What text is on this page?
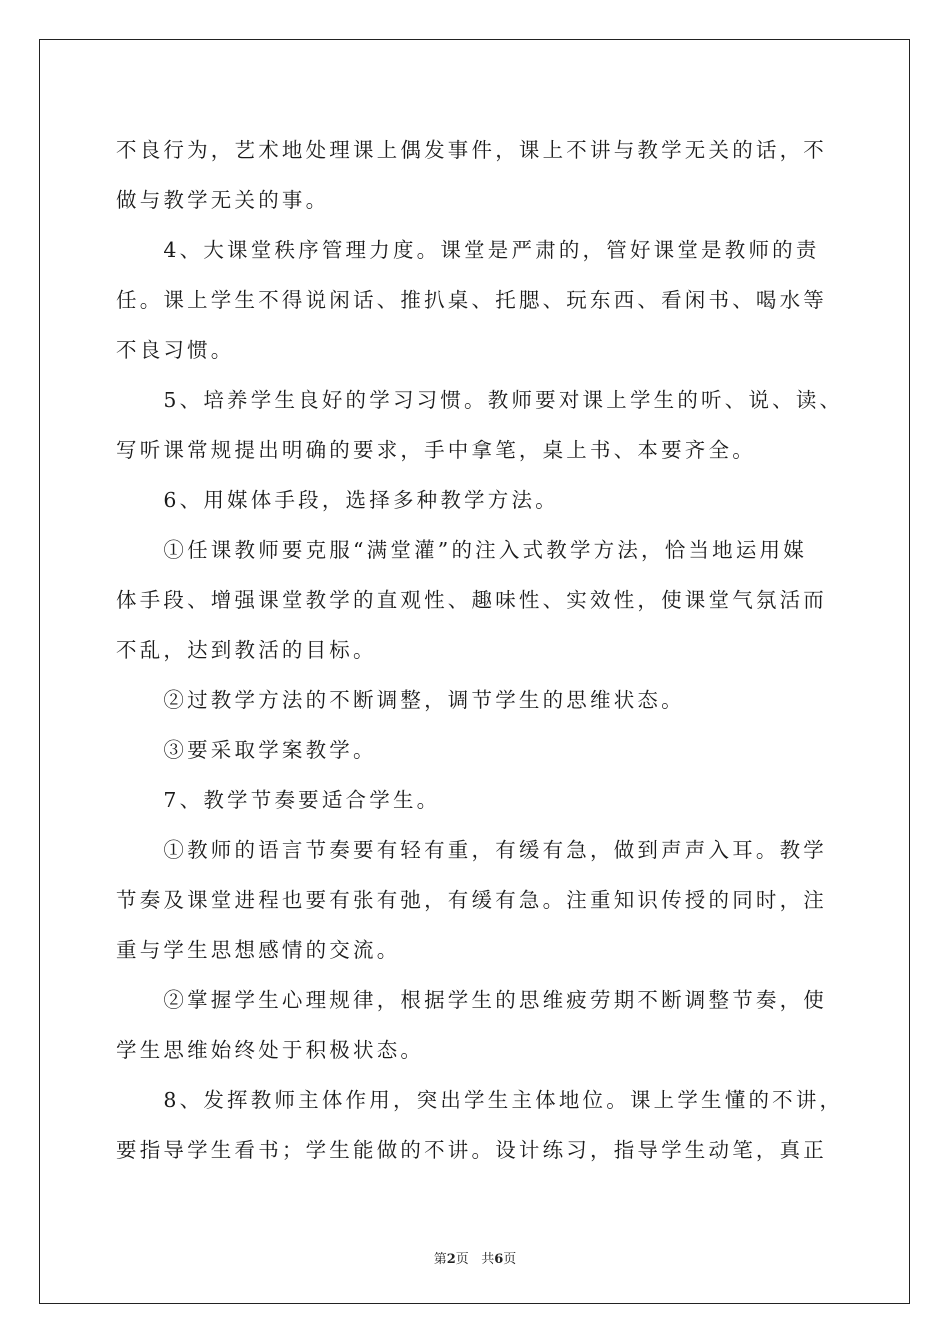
不良行为，艺术地处理课上偶发事件，课上不讲与教学无关的话，不
做与教学无关的事。
　　4、大课堂秩序管理力度。课堂是严肃的，管好课堂是教师的责
任。课上学生不得说闲话、推扒桌、托腮、玩东西、看闲书、喝水等
不良习惯。
　　5、培养学生良好的学习习惯。教师要对课上学生的听、说、读、
写听课常规提出明确的要求，手中拿笔，桌上书、本要齐全。
　　6、用媒体手段，选择多种教学方法。
　　①任课教师要克服“满堂灌”的注入式教学方法，恰当地运用媒
体手段、增强课堂教学的直观性、趣味性、实效性，使课堂气氛活而
不乱，达到教活的目标。
　　②过教学方法的不断调整，调节学生的思维状态。
　　③要采取学案教学。
　　7、教学节奏要适合学生。
　　①教师的语言节奏要有轻有重，有缓有急，做到声声入耳。教学
节奏及课堂进程也要有张有弛，有缓有急。注重知识传授的同时，注
重与学生思想感情的交流。
　　②掌握学生心理规律，根据学生的思维疲劳期不断调整节奏，使
学生思维始终处于积极状态。
　　8、发挥教师主体作用，突出学生主体地位。课上学生懂的不讲，
要指导学生看书；学生能做的不讲。设计练习，指导学生动笔，真正
第2页 共6页
